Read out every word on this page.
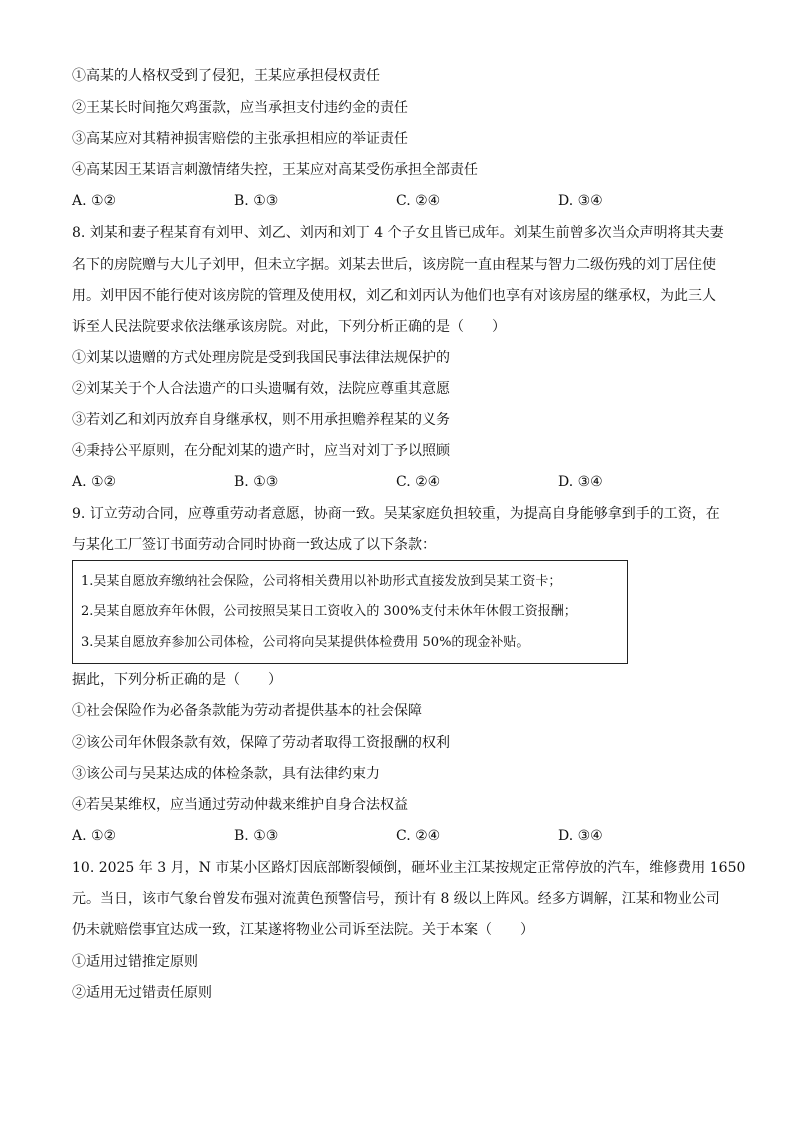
①高某的人格权受到了侵犯，王某应承担侵权责任
②王某长时间拖欠鸡蛋款，应当承担支付违约金的责任
③高某应对其精神损害赔偿的主张承担相应的举证责任
④高某因王某语言刺激情绪失控，王某应对高某受伤承担全部责任
A. ①②	B. ①③	C. ②④	D. ③④
8. 刘某和妻子程某育有刘甲、刘乙、刘丙和刘丁 4 个子女且皆已成年。刘某生前曾多次当众声明将其夫妻
名下的房院赠与大儿子刘甲，但未立字据。刘某去世后，该房院一直由程某与智力二级伤残的刘丁居住使
用。刘甲因不能行使对该房院的管理及使用权，刘乙和刘丙认为他们也享有对该房屋的继承权，为此三人
诉至人民法院要求依法继承该房院。对此，下列分析正确的是（　　）
①刘某以遗赠的方式处理房院是受到我国民事法律法规保护的
②刘某关于个人合法遗产的口头遗嘱有效，法院应尊重其意愿
③若刘乙和刘丙放弃自身继承权，则不用承担赡养程某的义务
④秉持公平原则，在分配刘某的遗产时，应当对刘丁予以照顾
A. ①②	B. ①③	C. ②④	D. ③④
9. 订立劳动合同，应尊重劳动者意愿，协商一致。吴某家庭负担较重，为提高自身能够拿到手的工资，在
与某化工厂签订书面劳动合同时协商一致达成了以下条款：
1.吴某自愿放弃缴纳社会保险，公司将相关费用以补助形式直接发放到吴某工资卡；
2.吴某自愿放弃年休假，公司按照吴某日工资收入的 300%支付未休年休假工资报酬；
3.吴某自愿放弃参加公司体检，公司将向吴某提供体检费用 50%的现金补贴。
据此，下列分析正确的是（　　）
①社会保险作为必备条款能为劳动者提供基本的社会保障
②该公司年休假条款有效，保障了劳动者取得工资报酬的权利
③该公司与吴某达成的体检条款，具有法律约束力
④若吴某维权，应当通过劳动仲裁来维护自身合法权益
A. ①②	B. ①③	C. ②④	D. ③④
10. 2025 年 3 月，N 市某小区路灯因底部断裂倾倒，砸坏业主江某按规定正常停放的汽车，维修费用 1650
元。当日，该市气象台曾发布强对流黄色预警信号，预计有 8 级以上阵风。经多方调解，江某和物业公司
仍未就赔偿事宜达成一致，江某遂将物业公司诉至法院。关于本案（　　）
①适用过错推定原则
②适用无过错责任原则
